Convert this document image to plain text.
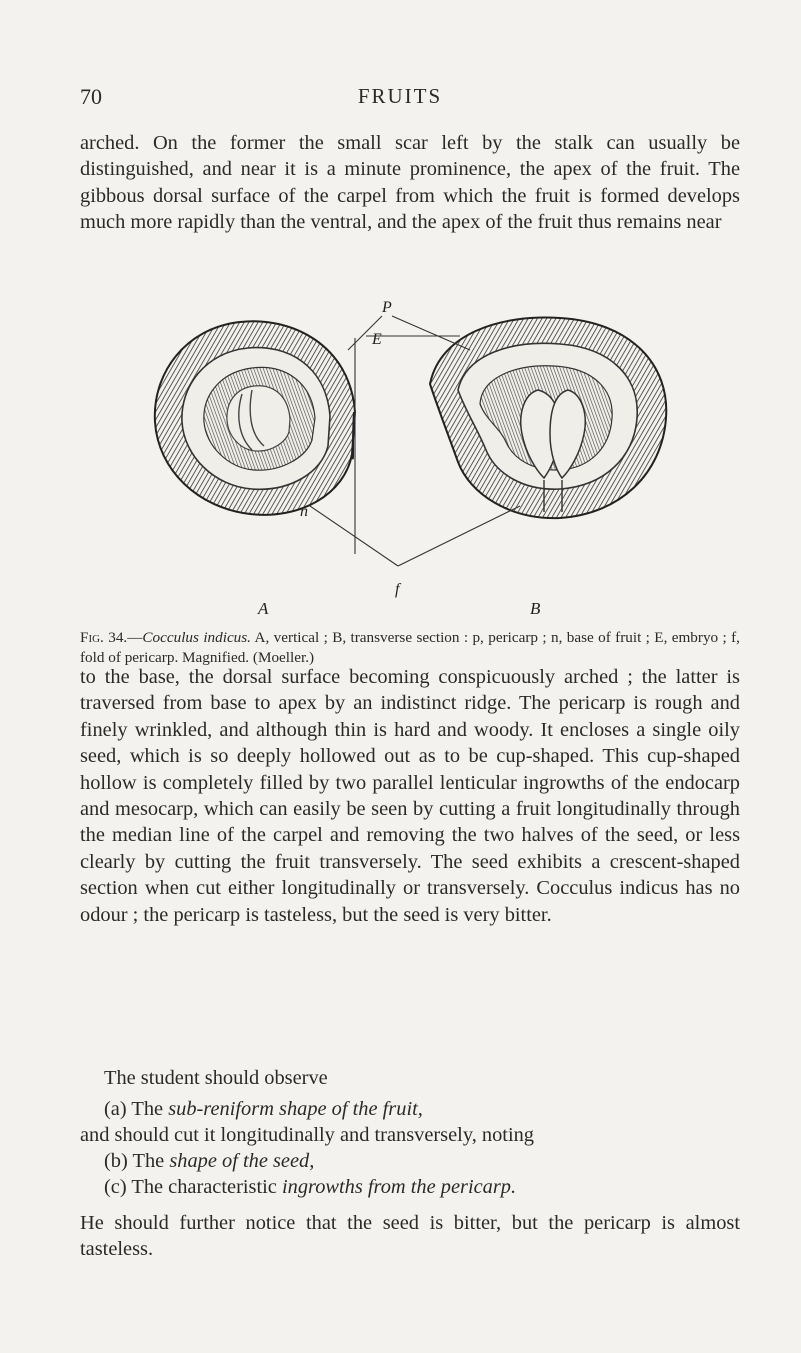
70	FRUITS

arched. On the former the small scar left by the stalk can usually be distinguished, and near it is a minute prominence, the apex of the fruit. The gibbous dorsal surface of the carpel from which the fruit is formed develops much more rapidly than the ventral, and the apex of the fruit thus remains near

P
E
n
f
A	B
Fig. 34.—Cocculus indicus. A, vertical ; B, transverse section : p, pericarp ; n, base of fruit ; E, embryo ; f, fold of pericarp. Magnified. (Moeller.)

to the base, the dorsal surface becoming conspicuously arched ; the latter is traversed from base to apex by an indistinct ridge. The pericarp is rough and finely wrinkled, and although thin is hard and woody. It encloses a single oily seed, which is so deeply hollowed out as to be cup-shaped. This cup-shaped hollow is completely filled by two parallel lenticular ingrowths of the endocarp and mesocarp, which can easily be seen by cutting a fruit longitudinally through the median line of the carpel and removing the two halves of the seed, or less clearly by cutting the fruit transversely. The seed exhibits a crescent-shaped section when cut either longitudinally or transversely. Cocculus indicus has no odour ; the pericarp is tasteless, but the seed is very bitter.

The student should observe

(a) The sub-reniform shape of the fruit,

and should cut it longitudinally and transversely, noting

(b) The shape of the seed,

(c) The characteristic ingrowths from the pericarp.

He should further notice that the seed is bitter, but the pericarp is almost tasteless.
